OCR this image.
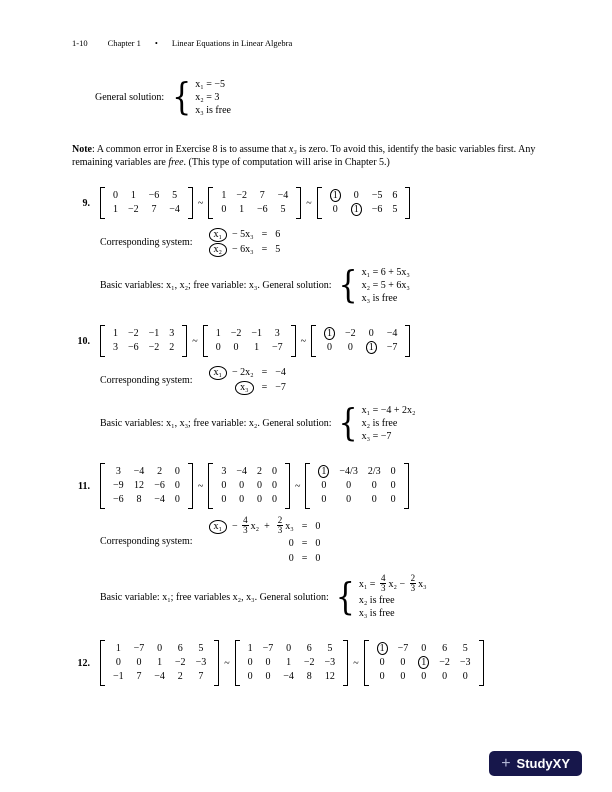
1-10 Chapter 1 • Linear Equations in Linear Algebra
General solution: { x₁ = −5
x₂ = 3
x₃ is free

Note: A common error in Exercise 8 is to assume that x₃ is zero. To avoid this, identify the basic variables first. Any remaining variables are free. (This type of computation will arise in Chapter 5.)

9.
0	1	−6	5
1	−2	7	−4
~
1	−2	7	−4
0	1	−6	5
~
1	0	−5	6
0	1	−6	5
Corresponding system:
x₁  − 5x₃ = 6
x₂  − 6x₃ = 5
Basic variables: x₁, x₂; free variable: x₃. General solution: { x₁ = 6 + 5x₃
x₂ = 5 + 6x₃
x₃ is free
10.
1	−2	−1	3
3	−6	−2	2
~
1	−2	−1	3
0	0	1	−7
~
1	−2	0	−4
0	0	1	−7
Corresponding system:
x₁  − 2x₂ = −4
x₃	= −7
Basic variables: x₁, x₃; free variable: x₂. General solution: { x₁ = −4 + 2x₂
x₂ is free
x₃ = −7
11.
3	−4	2	0
−9	12	−6	0
−6	8	−4	0
~
3	−4	2	0
0	0	0	0
0	0	0	0
~
1	−4/3	2/3	0
0	0	0	0
0	0	0	0
Corresponding system:
$x_1 - \frac{4}{3} x_2 + \frac{2}{3} x_3 = 0$
0 = 0
0 = 0
Basic variable: x₁; free variables x₂, x₃. General solution: { $x_1 = \frac{4}{3} x_2 - \frac{2}{3} x_3$
x₂ is free
x₃ is free
12.
1	−7	0	6	5
0	0	1	−2	−3
−1	7	−4	2	7
~
1	−7	0	6	5
0	0	1	−2	−3
0	0	−4	8	12
~
1	−7	0	6	5
0	0	1	−2	−3
0	0	0	0	0
+ StudyXY
